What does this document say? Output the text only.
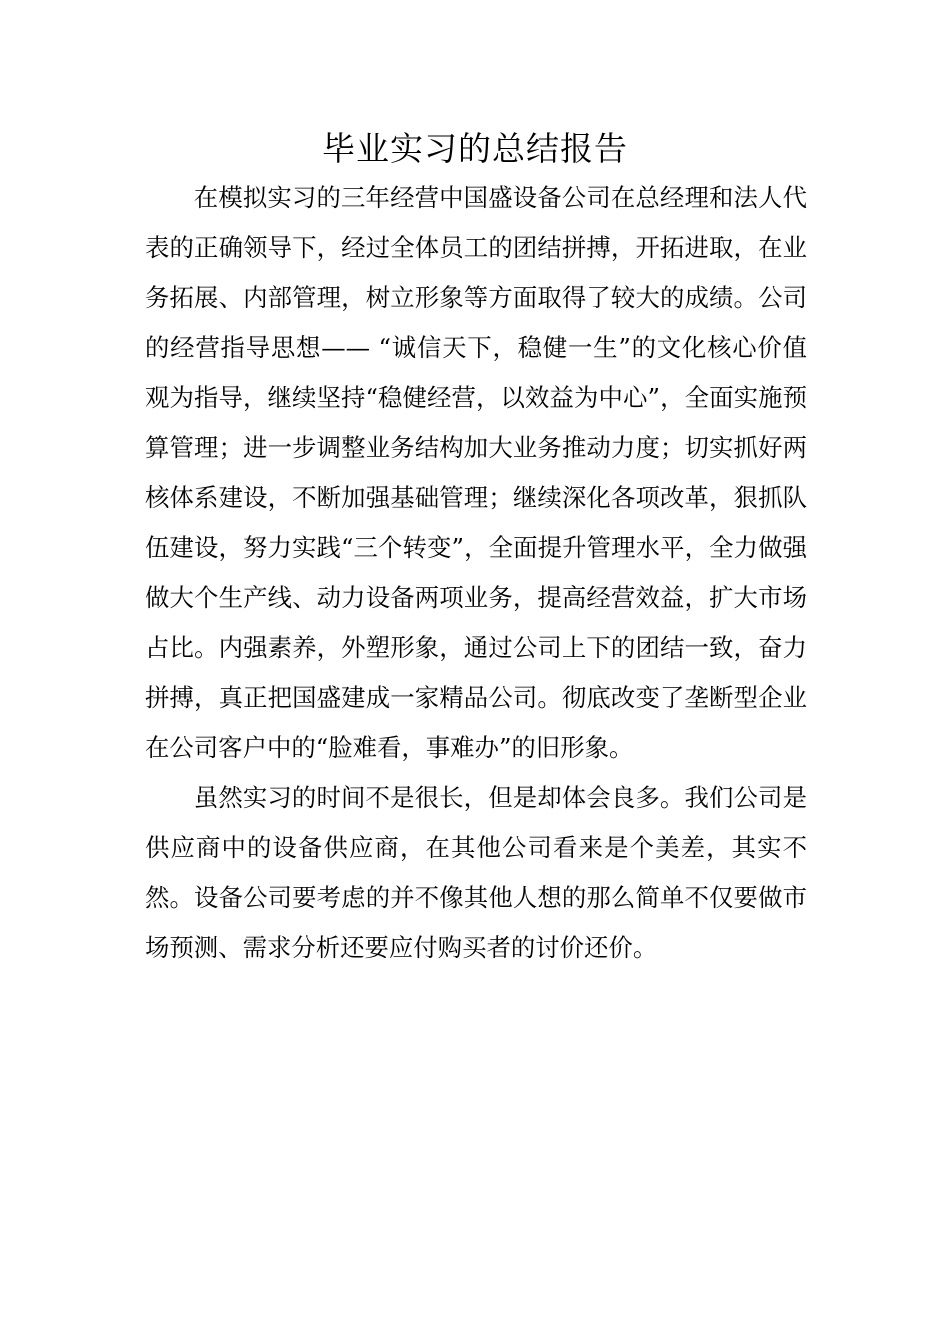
毕业实习的总结报告

在模拟实习的三年经营中国盛设备公司在总经理和法人代表的正确领导下，经过全体员工的团结拼搏，开拓进取，在业务拓展、内部管理，树立形象等方面取得了较大的成绩。公司的经营指导思想—— “诚信天下，稳健一生”的文化核心价值观为指导，继续坚持“稳健经营，以效益为中心”，全面实施预算管理；进一步调整业务结构加大业务推动力度；切实抓好两核体系建设，不断加强基础管理；继续深化各项改革，狠抓队伍建设，努力实践“三个转变”，全面提升管理水平，全力做强做大个生产线、动力设备两项业务，提高经营效益，扩大市场占比。内强素养，外塑形象，通过公司上下的团结一致，奋力拼搏，真正把国盛建成一家精品公司。彻底改变了垄断型企业在公司客户中的“脸难看，事难办”的旧形象。

虽然实习的时间不是很长，但是却体会良多。我们公司是供应商中的设备供应商，在其他公司看来是个美差，其实不然。设备公司要考虑的并不像其他人想的那么简单不仅要做市场预测、需求分析还要应付购买者的讨价还价。
